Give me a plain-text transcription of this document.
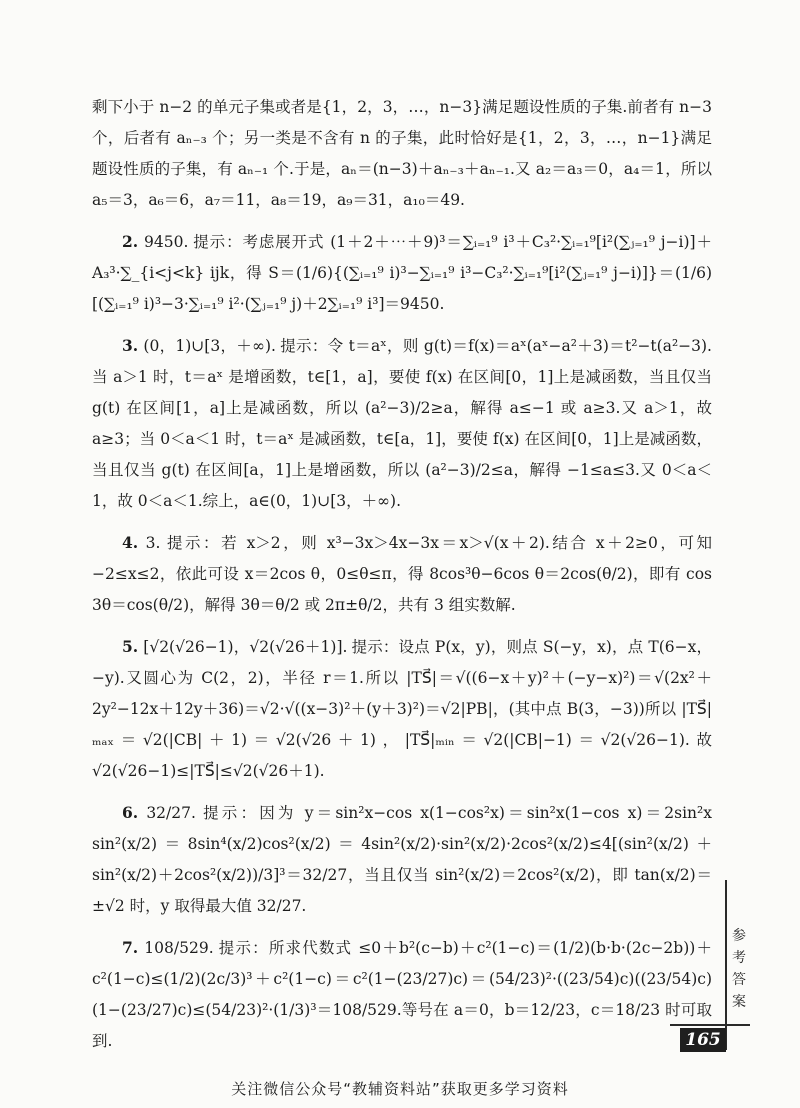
剩下小于 n−2 的单元子集或者是{1，2，3，…，n−3}满足题设性质的子集.前者有 n−3 个，后者有 aₙ₋₃ 个；另一类是不含有 n 的子集，此时恰好是{1，2，3，…，n−1}满足题设性质的子集，有 aₙ₋₁ 个.于是，aₙ＝(n−3)＋aₙ₋₃＋aₙ₋₁.又 a₂＝a₃＝0，a₄＝1，所以 a₅＝3，a₆＝6，a₇＝11，a₈＝19，a₉＝31，a₁₀＝49.

2. 9450. 提示：考虑展开式 (1＋2＋⋯＋9)³＝∑ᵢ₌₁⁹ i³＋C₃²·∑ᵢ₌₁⁹[i²(∑ⱼ₌₁⁹ j−i)]＋A₃³·∑_{i<j<k} ijk，得 S＝(1/6){(∑ᵢ₌₁⁹ i)³−∑ᵢ₌₁⁹ i³−C₃²·∑ᵢ₌₁⁹[i²(∑ⱼ₌₁⁹ j−i)]}＝(1/6)[(∑ᵢ₌₁⁹ i)³−3·∑ᵢ₌₁⁹ i²·(∑ⱼ₌₁⁹ j)＋2∑ᵢ₌₁⁹ i³]＝9450.

3. (0，1)∪[3，＋∞). 提示：令 t＝aˣ，则 g(t)＝f(x)＝aˣ(aˣ−a²＋3)＝t²−t(a²−3).当 a＞1 时，t＝aˣ 是增函数，t∈[1，a]，要使 f(x) 在区间[0，1]上是减函数，当且仅当 g(t) 在区间[1，a]上是减函数，所以 (a²−3)/2≥a，解得 a≤−1 或 a≥3.又 a＞1，故 a≥3；当 0＜a＜1 时，t＝aˣ 是减函数，t∈[a，1]，要使 f(x) 在区间[0，1]上是减函数，当且仅当 g(t) 在区间[a，1]上是增函数，所以 (a²−3)/2≤a，解得 −1≤a≤3.又 0＜a＜1，故 0＜a＜1.综上，a∈(0，1)∪[3，＋∞).

4. 3. 提示：若 x＞2，则 x³−3x＞4x−3x＝x＞√(x＋2).结合 x＋2≥0，可知 −2≤x≤2，依此可设 x＝2cos θ，0≤θ≤π，得 8cos³θ−6cos θ＝2cos(θ/2)，即有 cos 3θ＝cos(θ/2)，解得 3θ＝θ/2 或 2π±θ/2，共有 3 组实数解.

5. [√2(√26−1)，√2(√26＋1)]. 提示：设点 P(x，y)，则点 S(−y，x)，点 T(6−x，−y).又圆心为 C(2，2)，半径 r＝1.所以 |TS⃗|＝√((6−x＋y)²＋(−y−x)²)＝√(2x²＋2y²−12x＋12y＋36)＝√2·√((x−3)²＋(y＋3)²)＝√2|PB|，(其中点 B(3，−3))所以 |TS⃗|ₘₐₓ＝√2(|CB|＋1)＝√2(√26＋1)，|TS⃗|ₘᵢₙ＝√2(|CB|−1)＝√2(√26−1).故 √2(√26−1)≤|TS⃗|≤√2(√26＋1).

6. 32/27. 提示：因为 y＝sin²x−cos x(1−cos²x)＝sin²x(1−cos x)＝2sin²x sin²(x/2)＝8sin⁴(x/2)cos²(x/2)＝4sin²(x/2)·sin²(x/2)·2cos²(x/2)≤4[(sin²(x/2)＋sin²(x/2)＋2cos²(x/2))/3]³＝32/27，当且仅当 sin²(x/2)＝2cos²(x/2)，即 tan(x/2)＝±√2 时，y 取得最大值 32/27.

7. 108/529. 提示：所求代数式 ≤0＋b²(c−b)＋c²(1−c)＝(1/2)(b·b·(2c−2b))＋c²(1−c)≤(1/2)(2c/3)³＋c²(1−c)＝c²(1−(23/27)c)＝(54/23)²·((23/54)c)((23/54)c)(1−(23/27)c)≤(54/23)²·(1/3)³＝108/529.等号在 a＝0，b＝12/23，c＝18/23 时可取到.

参
考
答
案
165
关注微信公众号“教辅资料站”获取更多学习资料
